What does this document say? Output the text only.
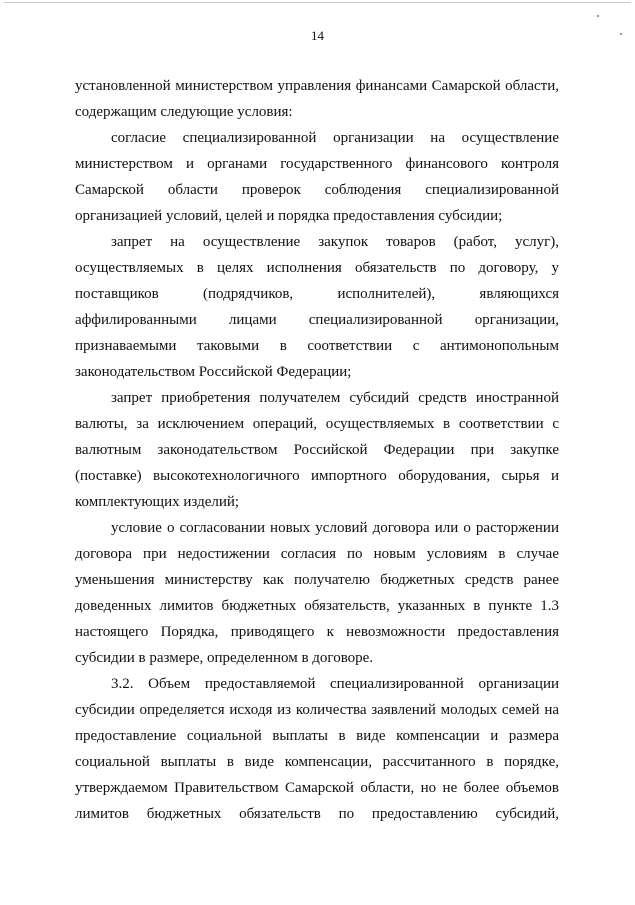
14

установленной министерством управления финансами Самарской области, содержащим следующие условия:

согласие специализированной организации на осуществление министерством и органами государственного финансового контроля Самарской области проверок соблюдения специализированной организацией условий, целей и порядка предоставления субсидии;

запрет на осуществление закупок товаров (работ, услуг), осуществляемых в целях исполнения обязательств по договору, у поставщиков (подрядчиков, исполнителей), являющихся аффилированными лицами специализированной организации, признаваемыми таковыми в соответствии с антимонопольным законодательством Российской Федерации;

запрет приобретения получателем субсидий средств иностранной валюты, за исключением операций, осуществляемых в соответствии с валютным законодательством Российской Федерации при закупке (поставке) высокотехнологичного импортного оборудования, сырья и комплектующих изделий;

условие о согласовании новых условий договора или о расторжении договора при недостижении согласия по новым условиям в случае уменьшения министерству как получателю бюджетных средств ранее доведенных лимитов бюджетных обязательств, указанных в пункте 1.3 настоящего Порядка, приводящего к невозможности предоставления субсидии в размере, определенном в договоре.

3.2. Объем предоставляемой специализированной организации субсидии определяется исходя из количества заявлений молодых семей на предоставление социальной выплаты в виде компенсации и размера социальной выплаты в виде компенсации, рассчитанного в порядке, утверждаемом Правительством Самарской области, но не более объемов лимитов бюджетных обязательств по предоставлению субсидий,
